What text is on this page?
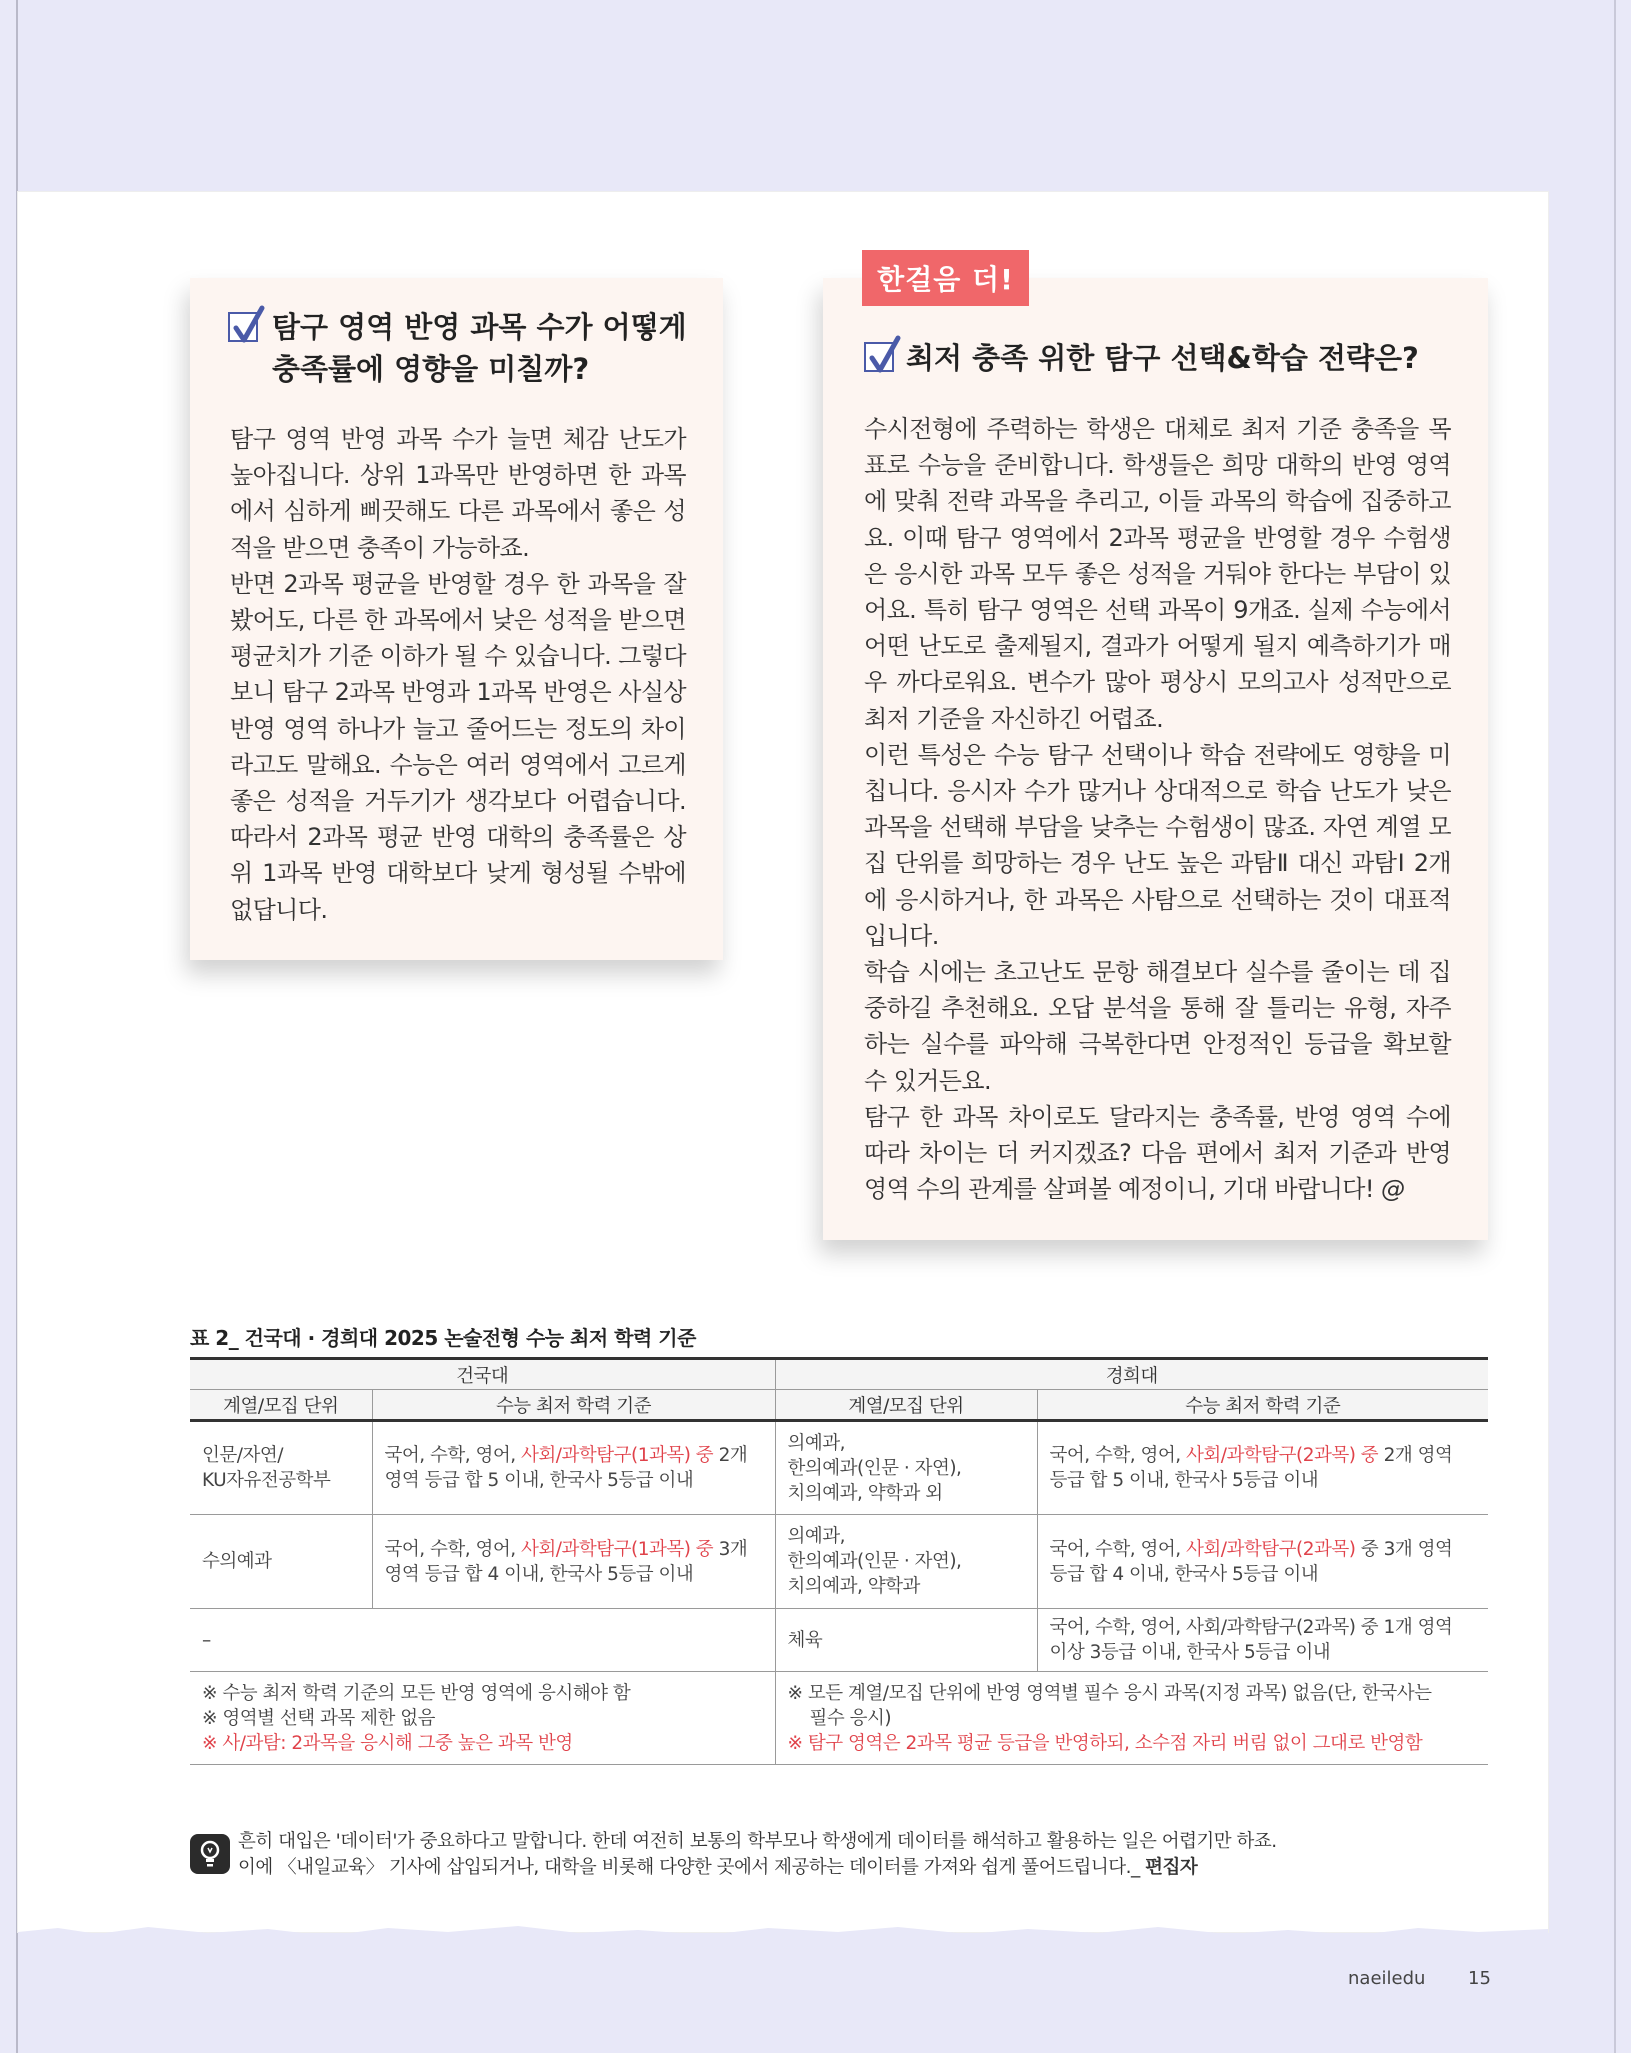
탐구 영역 반영 과목 수가 어떻게
충족률에 영향을 미칠까?

탐구 영역 반영 과목 수가 늘면 체감 난도가 높아집니다. 상위 1과목만 반영하면 한 과목에서 심하게 삐끗해도 다른 과목에서 좋은 성적을 받으면 충족이 가능하죠.

반면 2과목 평균을 반영할 경우 한 과목을 잘 봤어도, 다른 한 과목에서 낮은 성적을 받으면 평균치가 기준 이하가 될 수 있습니다. 그렇다 보니 탐구 2과목 반영과 1과목 반영은 사실상 반영 영역 하나가 늘고 줄어드는 정도의 차이라고도 말해요. 수능은 여러 영역에서 고르게 좋은 성적을 거두기가 생각보다 어렵습니다. 따라서 2과목 평균 반영 대학의 충족률은 상위 1과목 반영 대학보다 낮게 형성될 수밖에 없답니다.

한걸음 더!
최저 충족 위한 탐구 선택&학습 전략은?

수시전형에 주력하는 학생은 대체로 최저 기준 충족을 목표로 수능을 준비합니다. 학생들은 희망 대학의 반영 영역에 맞춰 전략 과목을 추리고, 이들 과목의 학습에 집중하고요. 이때 탐구 영역에서 2과목 평균을 반영할 경우 수험생은 응시한 과목 모두 좋은 성적을 거둬야 한다는 부담이 있어요. 특히 탐구 영역은 선택 과목이 9개죠. 실제 수능에서 어떤 난도로 출제될지, 결과가 어떻게 될지 예측하기가 매우 까다로워요. 변수가 많아 평상시 모의고사 성적만으로 최저 기준을 자신하긴 어렵죠.

이런 특성은 수능 탐구 선택이나 학습 전략에도 영향을 미칩니다. 응시자 수가 많거나 상대적으로 학습 난도가 낮은 과목을 선택해 부담을 낮추는 수험생이 많죠. 자연 계열 모집 단위를 희망하는 경우 난도 높은 과탐Ⅱ 대신 과탐Ⅰ 2개에 응시하거나, 한 과목은 사탐으로 선택하는 것이 대표적입니다.

학습 시에는 초고난도 문항 해결보다 실수를 줄이는 데 집중하길 추천해요. 오답 분석을 통해 잘 틀리는 유형, 자주 하는 실수를 파악해 극복한다면 안정적인 등급을 확보할 수 있거든요.

탐구 한 과목 차이로도 달라지는 충족률, 반영 영역 수에 따라 차이는 더 커지겠죠? 다음 편에서 최저 기준과 반영 영역 수의 관계를 살펴볼 예정이니, 기대 바랍니다! @

표 2_ 건국대 · 경희대 2025 논술전형 수능 최저 학력 기준
건국대		경희대	
계열/모집 단위	수능 최저 학력 기준	계열/모집 단위	수능 최저 학력 기준

인문/자연/
KU자유전공학부	국어, 수학, 영어, 사회/과학탐구(1과목) 중 2개
영역 등급 합 5 이내, 한국사 5등급 이내	의예과,
한의예과(인문 · 자연),
치의예과, 약학과 외	국어, 수학, 영어, 사회/과학탐구(2과목) 중 2개 영역
등급 합 5 이내, 한국사 5등급 이내

수의예과	국어, 수학, 영어, 사회/과학탐구(1과목) 중 3개
영역 등급 합 4 이내, 한국사 5등급 이내	의예과,
한의예과(인문 · 자연),
치의예과, 약학과	국어, 수학, 영어, 사회/과학탐구(2과목) 중 3개 영역
등급 합 4 이내, 한국사 5등급 이내

–		체육	국어, 수학, 영어, 사회/과학탐구(2과목) 중 1개 영역
이상 3등급 이내, 한국사 5등급 이내

※ 수능 최저 학력 기준의 모든 반영 영역에 응시해야 함
※ 영역별 선택 과목 제한 없음
※ 사/과탐: 2과목을 응시해 그중 높은 과목 반영		※ 모든 계열/모집 단위에 반영 영역별 필수 응시 과목(지정 과목) 없음(단, 한국사는
필수 응시)
※ 탐구 영역은 2과목 평균 등급을 반영하되, 소수점 자리 버림 없이 그대로 반영함	
흔히 대입은 '데이터'가 중요하다고 말합니다. 한데 여전히 보통의 학부모나 학생에게 데이터를 해석하고 활용하는 일은 어렵기만 하죠.
이에 〈내일교육〉 기사에 삽입되거나, 대학을 비롯해 다양한 곳에서 제공하는 데이터를 가져와 쉽게 풀어드립니다._ 편집자
naeiledu 15
